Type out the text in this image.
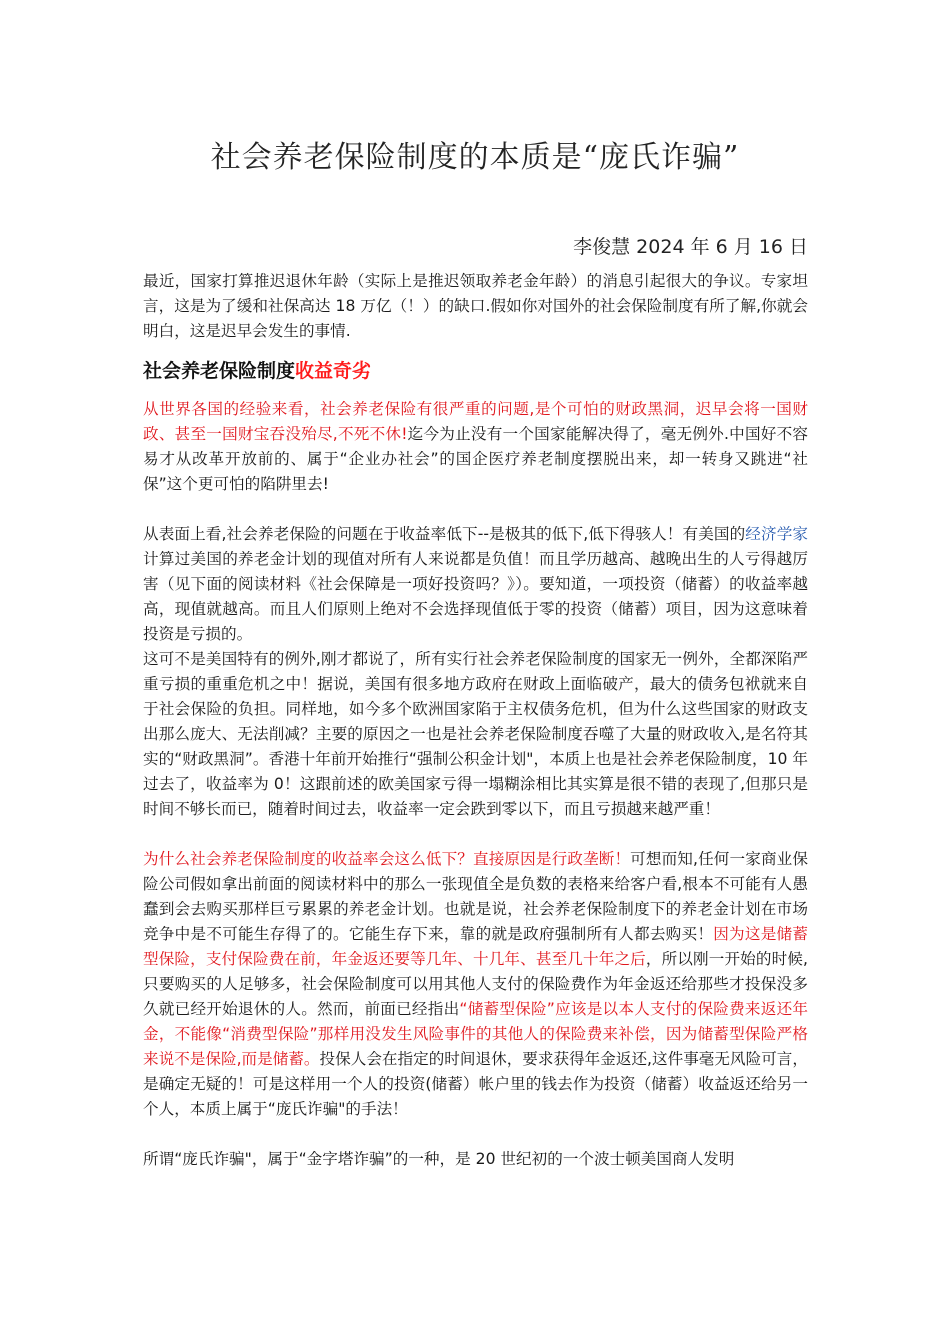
社会养老保险制度的本质是“庞氏诈骗”
李俊慧 2024 年 6 月 16 日

最近，国家打算推迟退休年龄（实际上是推迟领取养老金年龄）的消息引起很大的争议。专家坦言，这是为了缓和社保高达 18 万亿（！）的缺口.假如你对国外的社会保险制度有所了解,你就会明白，这是迟早会发生的事情.

社会养老保险制度收益奇劣

从世界各国的经验来看，社会养老保险有很严重的问题,是个可怕的财政黑洞，迟早会将一国财政、甚至一国财宝吞没殆尽,不死不休!迄今为止没有一个国家能解决得了，毫无例外.中国好不容易才从改革开放前的、属于“企业办社会”的国企医疗养老制度摆脱出来，却一转身又跳进“社保”这个更可怕的陷阱里去!

从表面上看,社会养老保险的问题在于收益率低下--是极其的低下,低下得骇人！有美国的经济学家计算过美国的养老金计划的现值对所有人来说都是负值！而且学历越高、越晚出生的人亏得越厉害（见下面的阅读材料《社会保障是一项好投资吗？》）。要知道，一项投资（储蓄）的收益率越高，现值就越高。而且人们原则上绝对不会选择现值低于零的投资（储蓄）项目，因为这意味着投资是亏损的。

这可不是美国特有的例外,刚才都说了，所有实行社会养老保险制度的国家无一例外，全都深陷严重亏损的重重危机之中！据说，美国有很多地方政府在财政上面临破产，最大的债务包袱就来自于社会保险的负担。同样地，如今多个欧洲国家陷于主权债务危机，但为什么这些国家的财政支出那么庞大、无法削减？主要的原因之一也是社会养老保险制度吞噬了大量的财政收入,是名符其实的“财政黑洞”。香港十年前开始推行“强制公积金计划"，本质上也是社会养老保险制度，10 年过去了，收益率为 0！这跟前述的欧美国家亏得一塌糊涂相比其实算是很不错的表现了,但那只是时间不够长而已，随着时间过去，收益率一定会跌到零以下，而且亏损越来越严重！

为什么社会养老保险制度的收益率会这么低下？直接原因是行政垄断！可想而知,任何一家商业保险公司假如拿出前面的阅读材料中的那么一张现值全是负数的表格来给客户看,根本不可能有人愚蠢到会去购买那样巨亏累累的养老金计划。也就是说，社会养老保险制度下的养老金计划在市场竞争中是不可能生存得了的。它能生存下来，靠的就是政府强制所有人都去购买！因为这是储蓄型保险，支付保险费在前，年金返还要等几年、十几年、甚至几十年之后，所以刚一开始的时候,只要购买的人足够多，社会保险制度可以用其他人支付的保险费作为年金返还给那些才投保没多久就已经开始退休的人。然而，前面已经指出“储蓄型保险”应该是以本人支付的保险费来返还年金，不能像“消费型保险”那样用没发生风险事件的其他人的保险费来补偿，因为储蓄型保险严格来说不是保险,而是储蓄。投保人会在指定的时间退休，要求获得年金返还,这件事毫无风险可言，是确定无疑的！可是这样用一个人的投资(储蓄）帐户里的钱去作为投资（储蓄）收益返还给另一个人，本质上属于“庞氏诈骗"的手法！

所谓“庞氏诈骗"，属于“金字塔诈骗”的一种，是 20 世纪初的一个波士顿美国商人发明
